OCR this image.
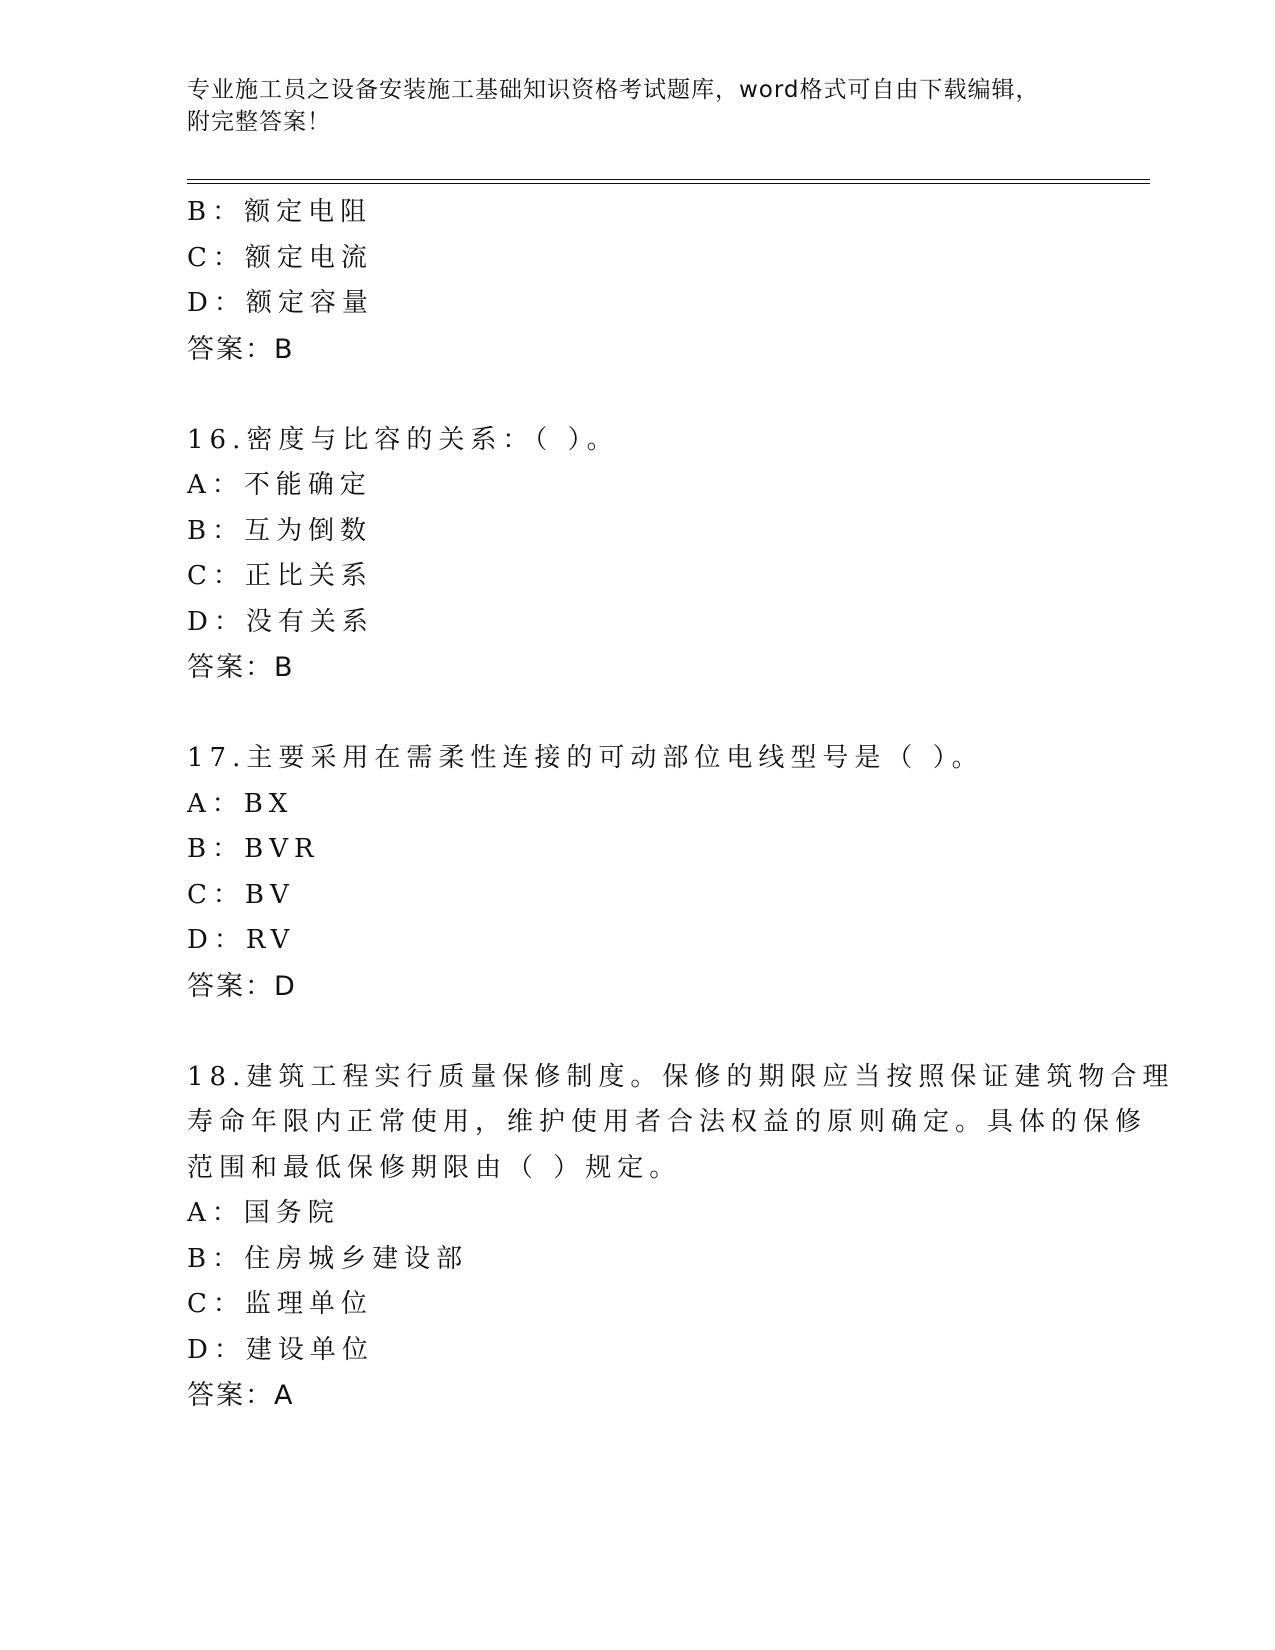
专业施工员之设备安装施工基础知识资格考试题库，word格式可自由下载编辑，
附完整答案！
B：额定电阻
C：额定电流
D：额定容量
答案：B
16.密度与比容的关系：（ ）。
A：不能确定
B：互为倒数
C：正比关系
D：没有关系
答案：B
17.主要采用在需柔性连接的可动部位电线型号是（ ）。
A：BX
B：BVR
C：BV
D：RV
答案：D
18.建筑工程实行质量保修制度。保修的期限应当按照保证建筑物合理
寿命年限内正常使用，维护使用者合法权益的原则确定。具体的保修
范围和最低保修期限由（ ）规定。
A：国务院
B：住房城乡建设部
C：监理单位
D：建设单位
答案：A
